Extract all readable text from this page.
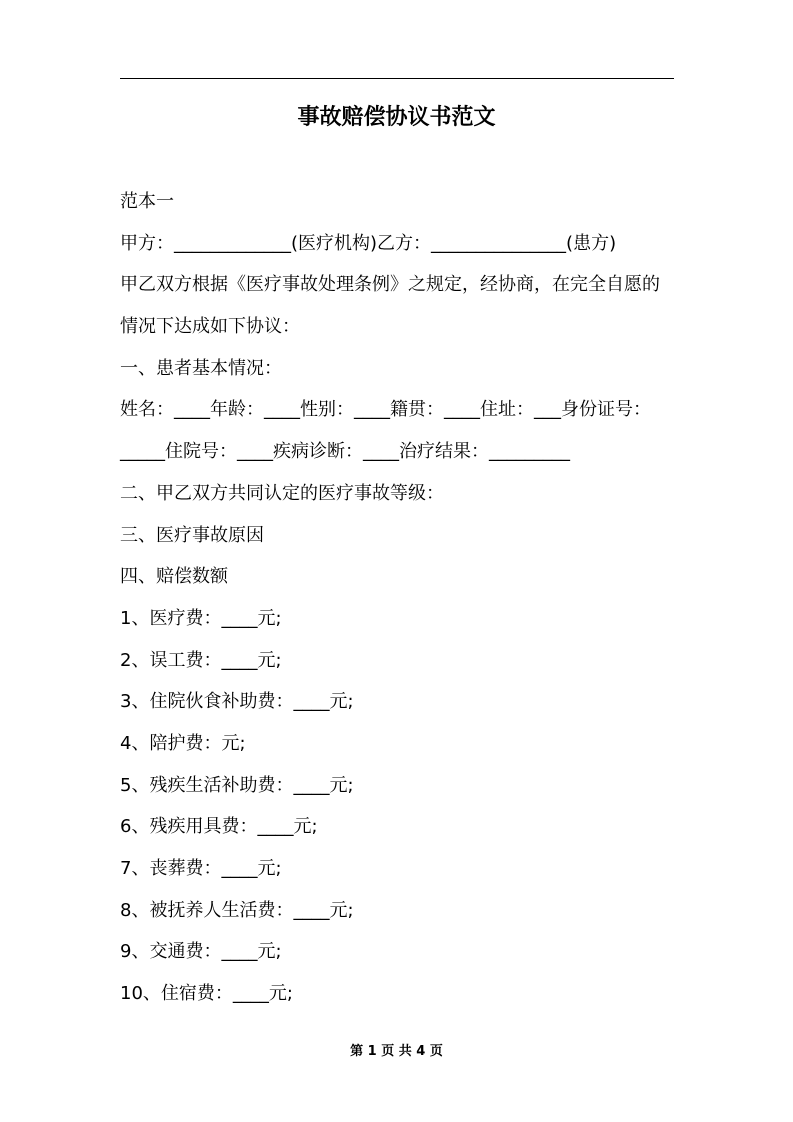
事故赔偿协议书范文
范本一
甲方：_____________(医疗机构)乙方：_______________(患方)
甲乙双方根据《医疗事故处理条例》之规定，经协商，在完全自愿的
情况下达成如下协议：
一、患者基本情况：
姓名：____年龄：____性别：____籍贯：____住址：___身份证号：
_____住院号：____疾病诊断：____治疗结果：_________
二、甲乙双方共同认定的医疗事故等级：
三、医疗事故原因
四、赔偿数额
1、医疗费：____元;
2、误工费：____元;
3、住院伙食补助费：____元;
4、陪护费：元;
5、残疾生活补助费：____元;
6、残疾用具费：____元;
7、丧葬费：____元;
8、被抚养人生活费：____元;
9、交通费：____元;
10、住宿费：____元;
第 1 页 共 4 页
